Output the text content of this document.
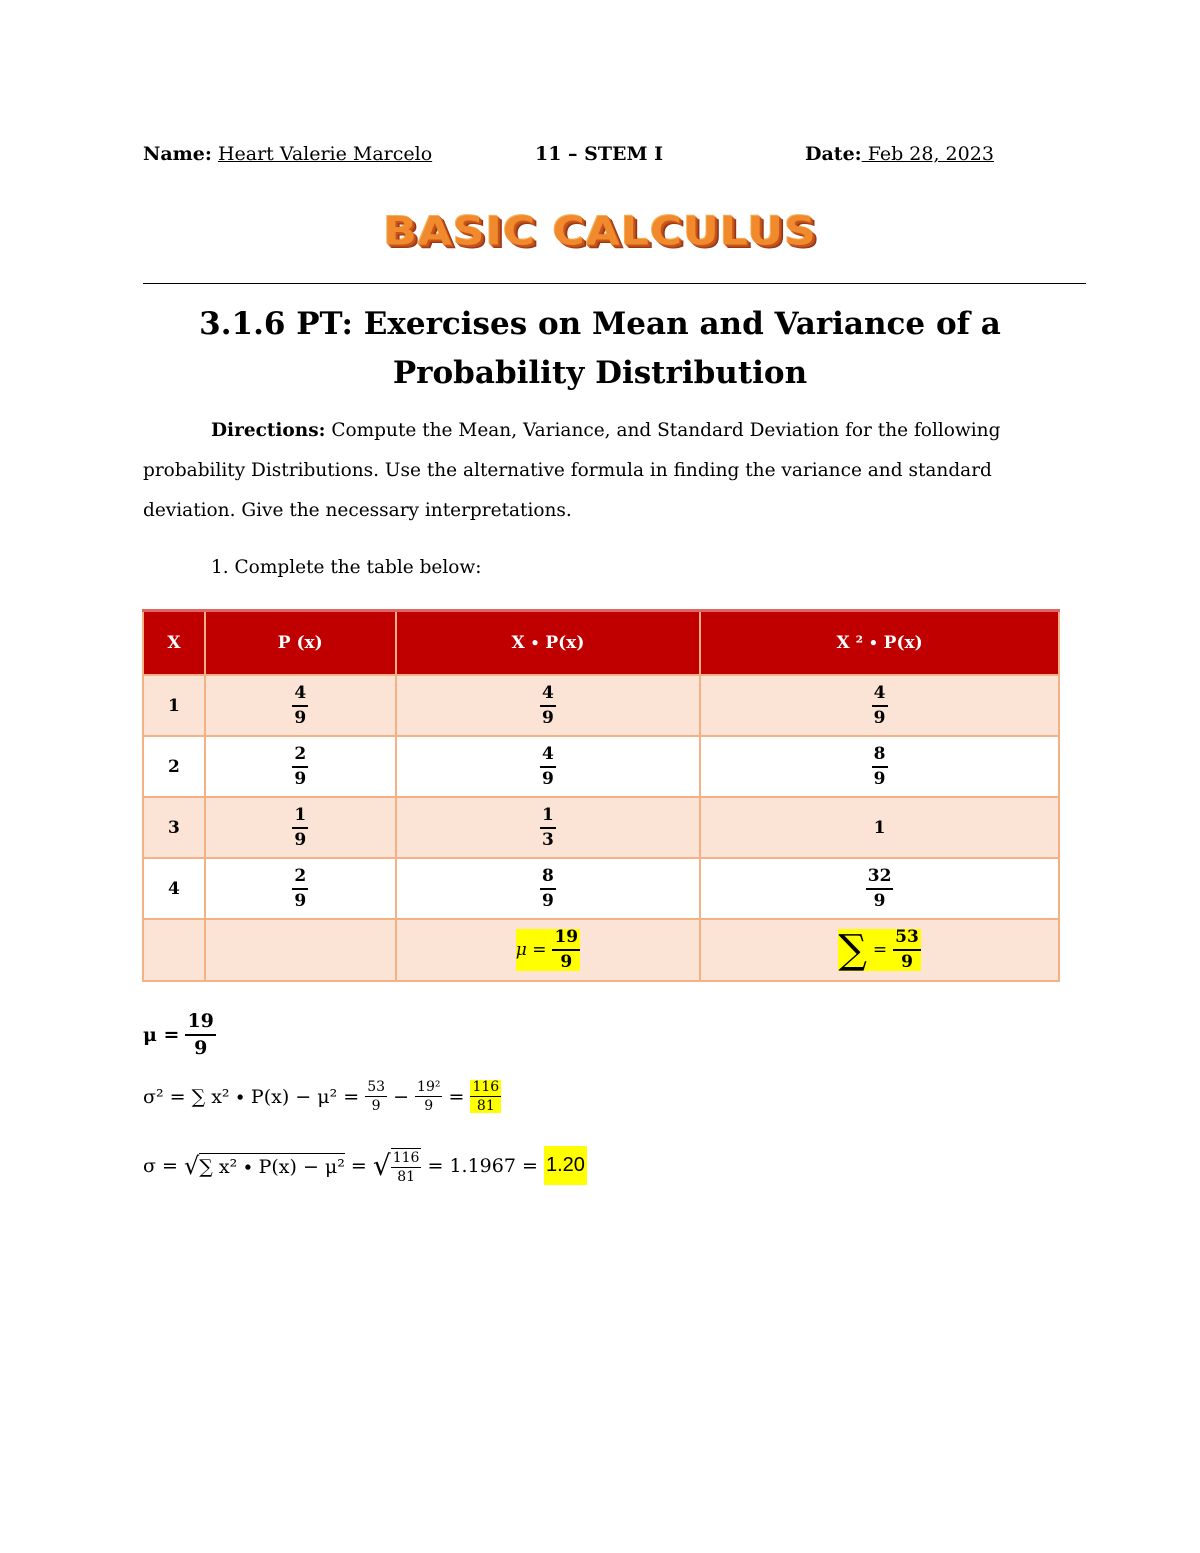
Name: Heart Valerie Marcelo	11 – STEM I	Date: Feb 28, 2023
BASIC CALCULUS
3.1.6 PT: Exercises on Mean and Variance of a
Probability Distribution
Directions: Compute the Mean, Variance, and Standard Deviation for the following
probability Distributions. Use the alternative formula in finding the variance and standard
deviation. Give the necessary interpretations.
1. Complete the table below:
X	P (x)	X ∙ P(x)	X ² ∙ P(x)
1	$\frac{4}{9}$	$\frac{4}{9}$	$\frac{4}{9}$

2	$\frac{2}{9}$	$\frac{4}{9}$	$\frac{8}{9}$

3	$\frac{1}{9}$	$\frac{1}{3}$	1
4	$\frac{2}{9}$	$\frac{8}{9}$	$\frac{32}{9}$

		$\mu = \frac{19}{9}$	∑ = $\frac{53}{9}$
$\mu = \frac{19}{9}$
σ² = ∑ $x^2 \cdot P(x) - \mu^2 = \frac{53}{9} - \frac{\text{19²}}{9} = \frac{116}{81}$
σ = √ ∑ x² ∙ P(x) − μ² = √ $\frac{116}{81} = 1.1967 = 1.20$
